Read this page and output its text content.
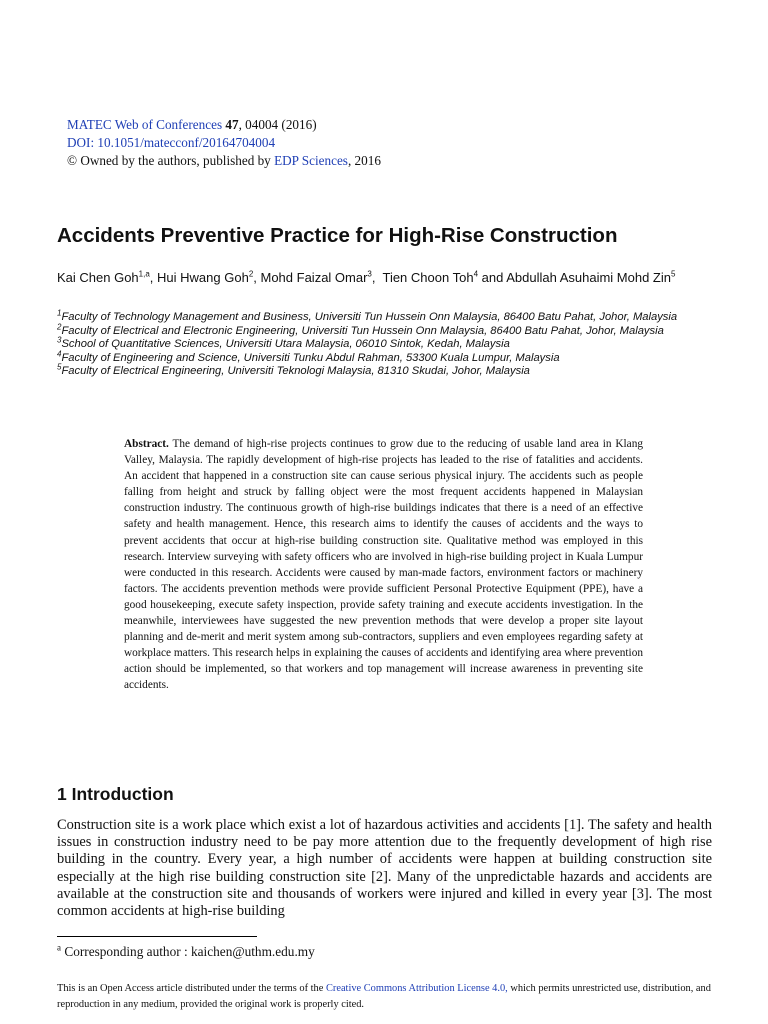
MATEC Web of Conferences 47, 04004 (2016)
DOI: 10.1051/matecconf/20164704004
© Owned by the authors, published by EDP Sciences, 2016
Accidents Preventive Practice for High-Rise Construction
Kai Chen Goh$^{1,a}$, Hui Hwang Goh$^2$, Mohd Faizal Omar$^3$,  Tien Choon Toh$^4$ and Abdullah Asuhaimi Mohd Zin$^5$

$^1$Faculty of Technology Management and Business, Universiti Tun Hussein Onn Malaysia, 86400 Batu Pahat, Johor, Malaysia

$^2$Faculty of Electrical and Electronic Engineering, Universiti Tun Hussein Onn Malaysia, 86400 Batu Pahat, Johor, Malaysia

$^3$School of Quantitative Sciences, Universiti Utara Malaysia, 06010 Sintok, Kedah, Malaysia

$^4$Faculty of Engineering and Science, Universiti Tunku Abdul Rahman, 53300 Kuala Lumpur, Malaysia

$^5$Faculty of Electrical Engineering, Universiti Teknologi Malaysia, 81310 Skudai, Johor, Malaysia

Abstract. The demand of high-rise projects continues to grow due to the reducing of usable land area in Klang Valley, Malaysia. The rapidly development of high-rise projects has leaded to the rise of fatalities and accidents. An accident that happened in a construction site can cause serious physical injury. The accidents such as people falling from height and struck by falling object were the most frequent accidents happened in Malaysian construction industry. The continuous growth of high-rise buildings indicates that there is a need of an effective safety and health management. Hence, this research aims to identify the causes of accidents and the ways to prevent accidents that occur at high-rise building construction site. Qualitative method was employed in this research. Interview surveying with safety officers who are involved in high-rise building project in Kuala Lumpur were conducted in this research. Accidents were caused by man-made factors, environment factors or machinery factors. The accidents prevention methods were provide sufficient Personal Protective Equipment (PPE), have a good housekeeping, execute safety inspection, provide safety training and execute accidents investigation. In the meanwhile, interviewees have suggested the new prevention methods that were develop a proper site layout planning and de-merit and merit system among sub-contractors, suppliers and even employees regarding safety at workplace matters. This research helps in explaining the causes of accidents and identifying area where prevention action should be implemented, so that workers and top management will increase awareness in preventing site accidents.

1 Introduction

Construction site is a work place which exist a lot of hazardous activities and accidents [1]. The safety and health issues in construction industry need to be pay more attention due to the frequently development of high rise building in the country. Every year, a high number of accidents were happen at building construction site especially at the high rise building construction site [2]. Many of the unpredictable hazards and accidents are available at the construction site and thousands of workers were injured and killed in every year [3]. The most common accidents at high-rise building

$^a$ Corresponding author : kaichen@uthm.edu.my

This is an Open Access article distributed under the terms of the Creative Commons Attribution License 4.0, which permits unrestricted use, distribution, and reproduction in any medium, provided the original work is properly cited.
